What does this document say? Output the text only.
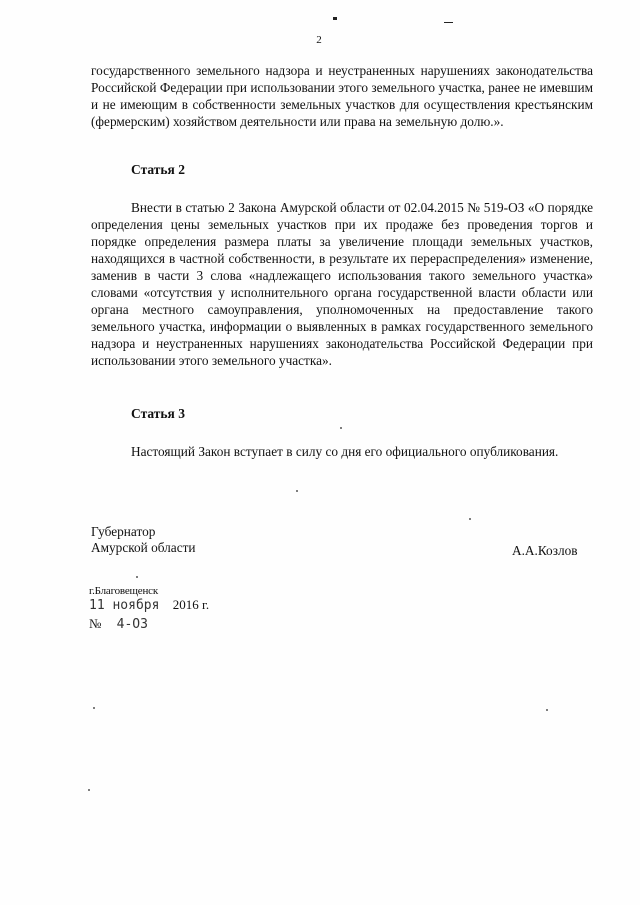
2

государственного земельного надзора и неустраненных нарушениях законодательства Российской Федерации при использовании этого земельного участка, ранее не имевшим и не имеющим в собственности земельных участков для осуществления крестьянским (фермерским) хозяйством деятельности или права на земельную долю.».

Статья 2

Внести в статью 2 Закона Амурской области от 02.04.2015 № 519-ОЗ «О порядке определения цены земельных участков при их продаже без проведения торгов и порядке определения размера платы за увеличение площади земельных участков, находящихся в частной собственности, в результате их перераспределения» изменение, заменив в части 3 слова «надлежащего использования такого земельного участка» словами «отсутствия у исполнительного органа государственной власти области или органа местного самоуправления, уполномоченных на предоставление такого земельного участка, информации о выявленных в рамках государственного земельного надзора и неустраненных нарушениях законодательства Российской Федерации при использовании этого земельного участка».

Статья 3

Настоящий Закон вступает в силу со дня его официального опубликования.

Губернатор
Амурской области	А.А.Козлов
г.Благовещенск
11 ноября 2016 г.
№ 4-ОЗ
